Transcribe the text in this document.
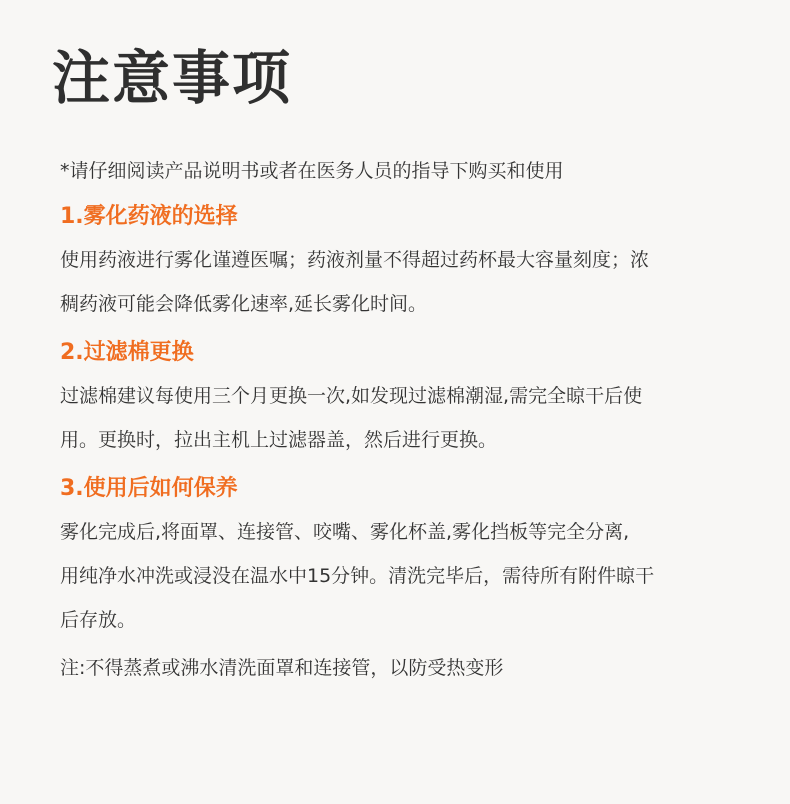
注意事项
*请仔细阅读产品说明书或者在医务人员的指导下购买和使用
1.雾化药液的选择
使用药液进行雾化谨遵医嘱；药液剂量不得超过药杯最大容量刻度；浓
稠药液可能会降低雾化速率,延长雾化时间。
2.过滤棉更换
过滤棉建议每使用三个月更换一次,如发现过滤棉潮湿,需完全晾干后使
用。更换时，拉出主机上过滤器盖，然后进行更换。
3.使用后如何保养
雾化完成后,将面罩、连接管、咬嘴、雾化杯盖,雾化挡板等完全分离,
用纯净水冲洗或浸没在温水中15分钟。清洗完毕后，需待所有附件晾干
后存放。
注:不得蒸煮或沸水清洗面罩和连接管，以防受热变形
